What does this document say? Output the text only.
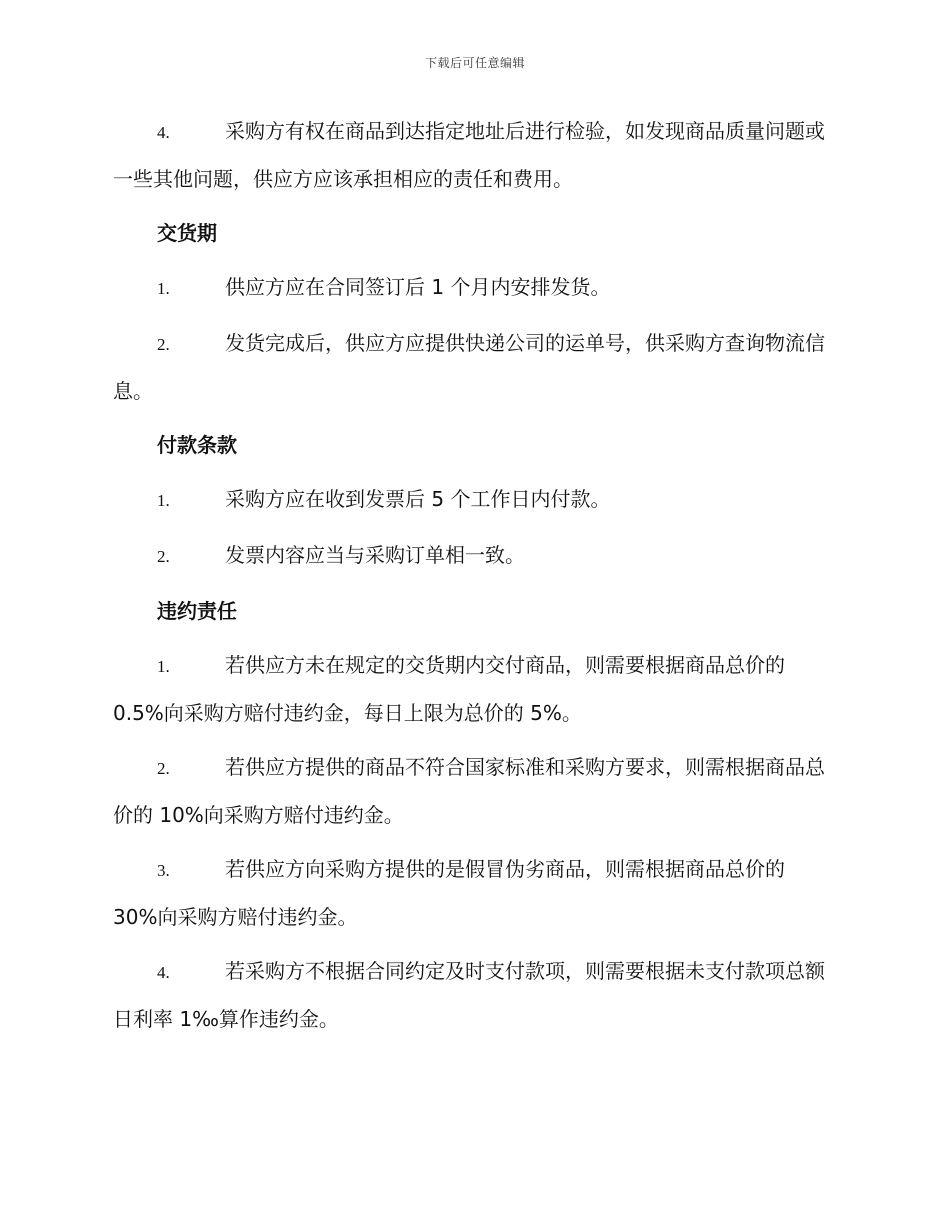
下载后可任意编辑

4.	采购方有权在商品到达指定地址后进行检验，如发现商品质量问题或一些其他问题，供应方应该承担相应的责任和费用。

交货期

1.	供应方应在合同签订后 1 个月内安排发货。

2.	发货完成后，供应方应提供快递公司的运单号，供采购方查询物流信息。

付款条款

1.	采购方应在收到发票后 5 个工作日内付款。

2.	发票内容应当与采购订单相一致。

违约责任

1.	若供应方未在规定的交货期内交付商品，则需要根据商品总价的 0.5%向采购方赔付违约金，每日上限为总价的 5%。

2.	若供应方提供的商品不符合国家标准和采购方要求，则需根据商品总价的 10%向采购方赔付违约金。

3.	若供应方向采购方提供的是假冒伪劣商品，则需根据商品总价的 30%向采购方赔付违约金。

4.	若采购方不根据合同约定及时支付款项，则需要根据未支付款项总额日利率 1‰算作违约金。
